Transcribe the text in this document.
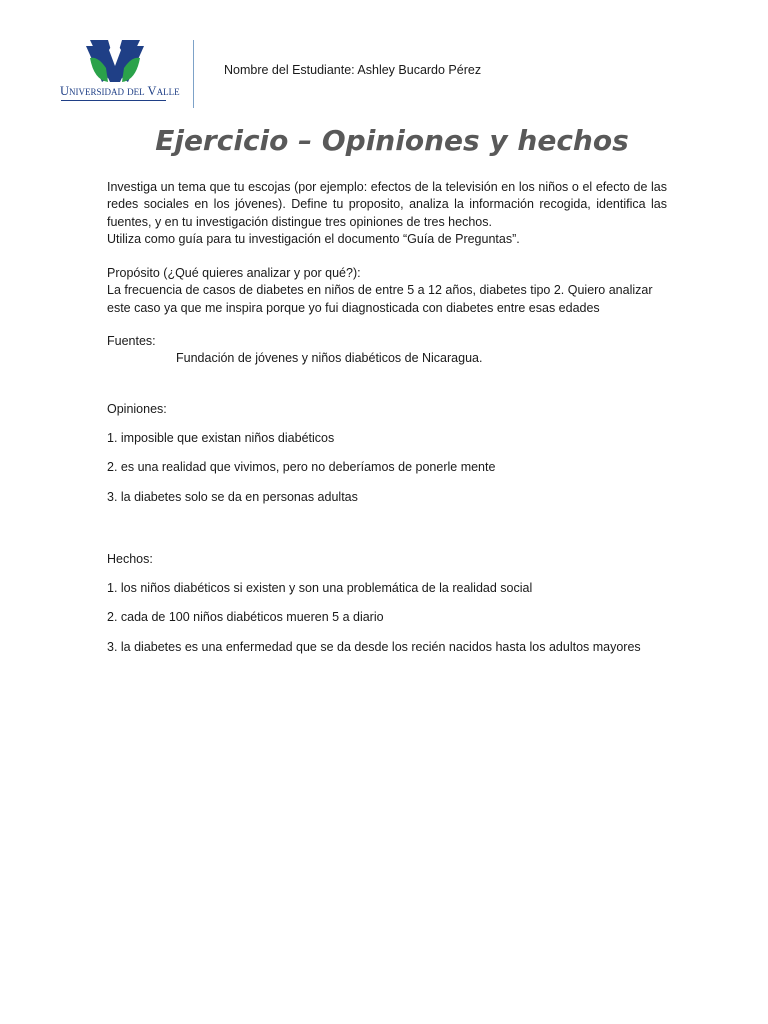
Universidad del Valle
Nombre del Estudiante: Ashley Bucardo Pérez
Ejercicio – Opiniones y hechos

Investiga un tema que tu escojas (por ejemplo: efectos de la televisión en los niños o el efecto de las redes sociales en los jóvenes). Define tu proposito, analiza la información recogida, identifica las fuentes, y en tu investigación distingue tres opiniones de tres hechos.

Utiliza como guía para tu investigación el documento “Guía de Preguntas”.

Propósito (¿Qué quieres analizar y por qué?):

La frecuencia de casos de diabetes en niños de entre 5 a 12 años, diabetes tipo 2. Quiero analizar este caso ya que me inspira porque yo fui diagnosticada con diabetes entre esas edades

Fuentes:

Fundación de jóvenes y niños diabéticos de Nicaragua.

Opiniones:

1. imposible que existan niños diabéticos

2. es una realidad que vivimos, pero no deberíamos de ponerle mente

3. la diabetes solo se da en personas adultas

Hechos:

1. los niños diabéticos si existen y son una problemática de la realidad social

2. cada de 100 niños diabéticos mueren 5 a diario

3. la diabetes es una enfermedad que se da desde los recién nacidos hasta los adultos mayores
